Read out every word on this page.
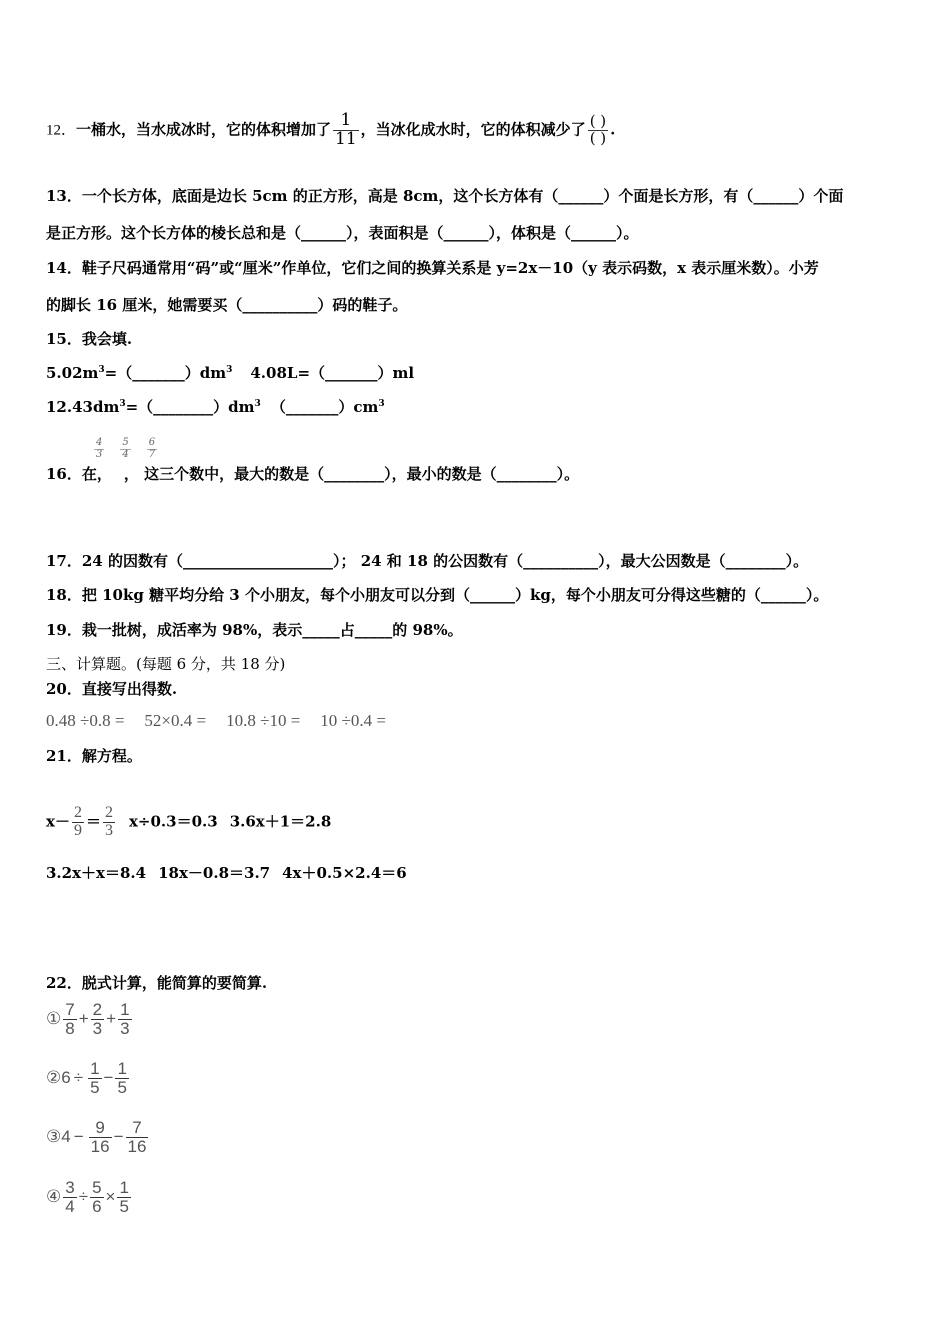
12．一桶水，当水成冰时，它的体积增加了 $\frac{1}{11}$ ，当冰化成水时，它的体积减少了 $\frac{( )}{( )}$ .
13．一个长方体，底面是边长 5cm 的正方形，高是 8cm，这个长方体有（______）个面是长方形，有（______）个面
是正方形。这个长方体的棱长总和是（______），表面积是（______），体积是（______）。
14．鞋子尺码通常用“码”或“厘米”作单位，它们之间的换算关系是 y=2x－10（y 表示码数，x 表示厘米数）。小芳
的脚长 16 厘米，她需要买（__________）码的鞋子。
15．我会填.
$5.02m^3=(\_\_\_\_\_\_\_)dm^3$ 4.08L=（_______）ml
$12.43dm^3=(\_\_\_\_\_\_\_\_)dm^3$ $(\_\_\_\_\_\_\_)cm^3$
$\frac{4}{3} \frac{5}{4} \frac{6}{7}$
16．在， ， 这三个数中，最大的数是（________），最小的数是（________）。
17．24 的因数有（____________________）； 24 和 18 的公因数有（__________），最大公因数是（________）。
18．把 10kg 糖平均分给 3 个小朋友，每个小朋友可以分到（______）kg，每个小朋友可分得这些糖的（______）。
19．栽一批树，成活率为 98%，表示_____占_____的 98%。
三、计算题。(每题 6 分，共 18 分)
20．直接写出得数.
0.48 ÷0.8 = 52×0.4 = 10.8 ÷10 = 10 ÷0.4 =
21．解方程。
$x- \frac{2}{9} = \frac{2}{3} x\div 0.3=0.3$ 3.6x＋1＝2.8
3.2x＋x＝8.4 18x－0.8＝3.7 4x＋0.5×2.4＝6
22．脱式计算，能简算的要简算.
① $\frac{7}{8} + \frac{2}{3} + \frac{1}{3}$
②6 ÷ $\frac{1}{5} - \frac{1}{5}$
③4 − $\frac{9}{16} - \frac{7}{16}$
④ $\frac{3}{4} \div \frac{5}{6} \times \frac{1}{5}$
